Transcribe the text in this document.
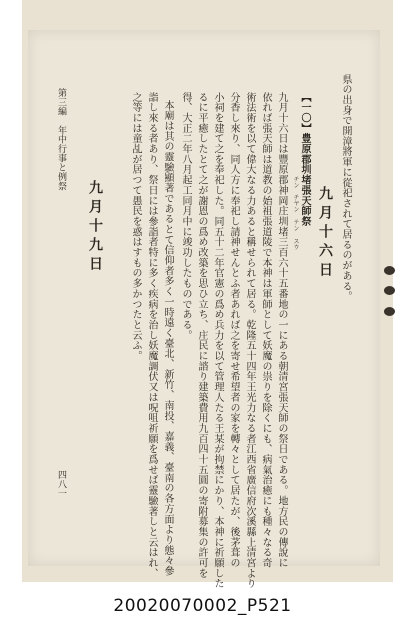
県の出身で開漳將軍に從祀されて居るのがある。
九月十六日
【一〇】豊原郡圳堵張天師祭
チン　チヤン テン スウ
九月十六日は豐原郡神岡庄圳堵三百六十五番地の一にある朝清宮張天師の祭日である。地方民の傳說に
依れば張天師は道教の始祖張道陵で本神は軍師として妖魔の祟りを除くにも、病氣治癒にも種々なる奇
術法術を以て偉大なる力あると稱せられて居る。乾隆五十四年王光力なる者江西省廣信府次溪縣上清宮より
分香し來り、同人方に奉祀し請神せんとふ者あれば之を寄せ希望者の家を轉々として居たが、後茅葺の
小祠を建て之を奉祀した。同五十二年官憲の爲め兵力を以て管理人たる王某が拘禁にかり、本神に祈願した
るに平癒したとて之が謝恩の爲め改築を思ひ立ち、庄民に諮り建築費用九百四十五圓の寄附募集の許可を
得、大正二年八月起工同月中に竣功したものである。
本廟は其の靈驗顯著であるとて信仰者多く一時遠く臺北、新竹、南投、嘉義、臺南の各方面より態々參
詣し來る者あり、祭日には參詣者特に多く疾病を治し妖魔調伏又は呪咀祈願を爲せば靈驗著しと云はれ、
之等には童乩が居つて愚民を惑はすもの多かつたと云ふ。
九月十九日
第三編　年中行事と例祭
四八一
20020070002_P521
